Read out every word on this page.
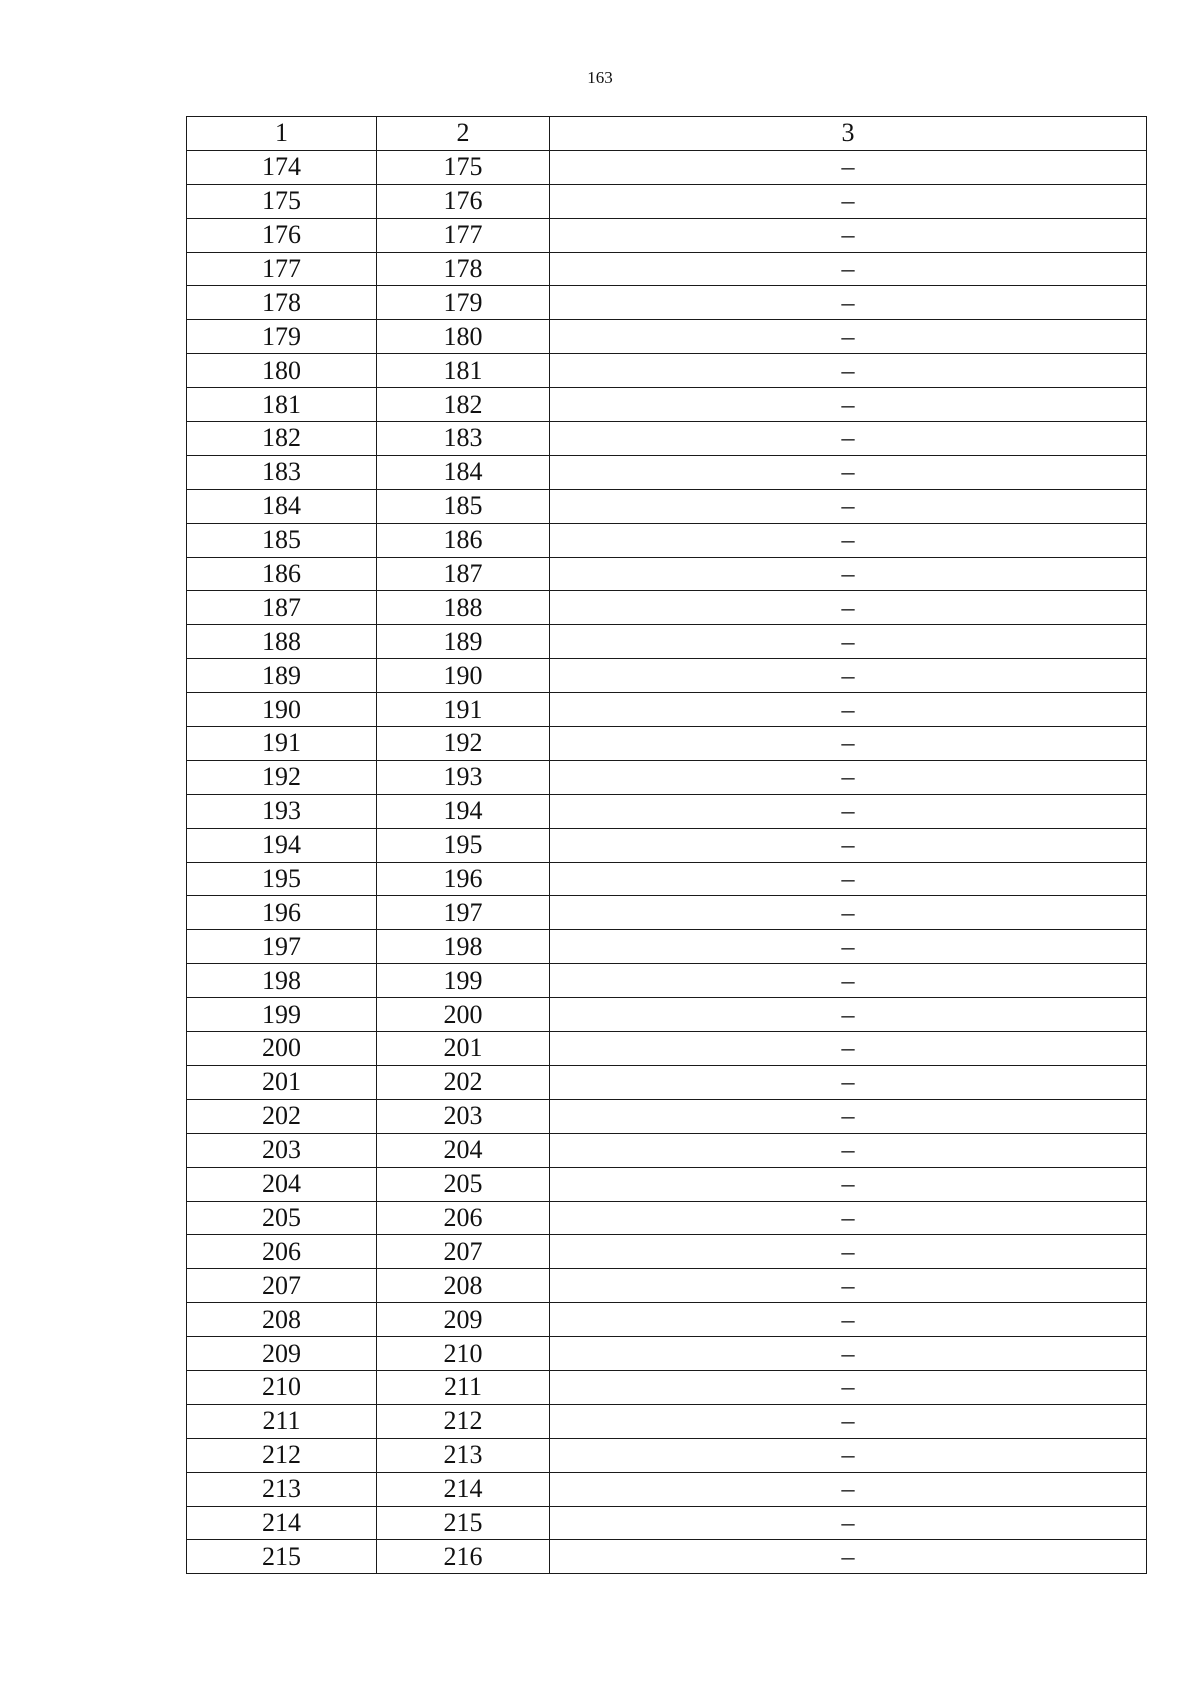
163
1	2	3
174	175	–
175	176	–
176	177	–
177	178	–
178	179	–
179	180	–
180	181	–
181	182	–
182	183	–
183	184	–
184	185	–
185	186	–
186	187	–
187	188	–
188	189	–
189	190	–
190	191	–
191	192	–
192	193	–
193	194	–
194	195	–
195	196	–
196	197	–
197	198	–
198	199	–
199	200	–
200	201	–
201	202	–
202	203	–
203	204	–
204	205	–
205	206	–
206	207	–
207	208	–
208	209	–
209	210	–
210	211	–
211	212	–
212	213	–
213	214	–
214	215	–
215	216	–
